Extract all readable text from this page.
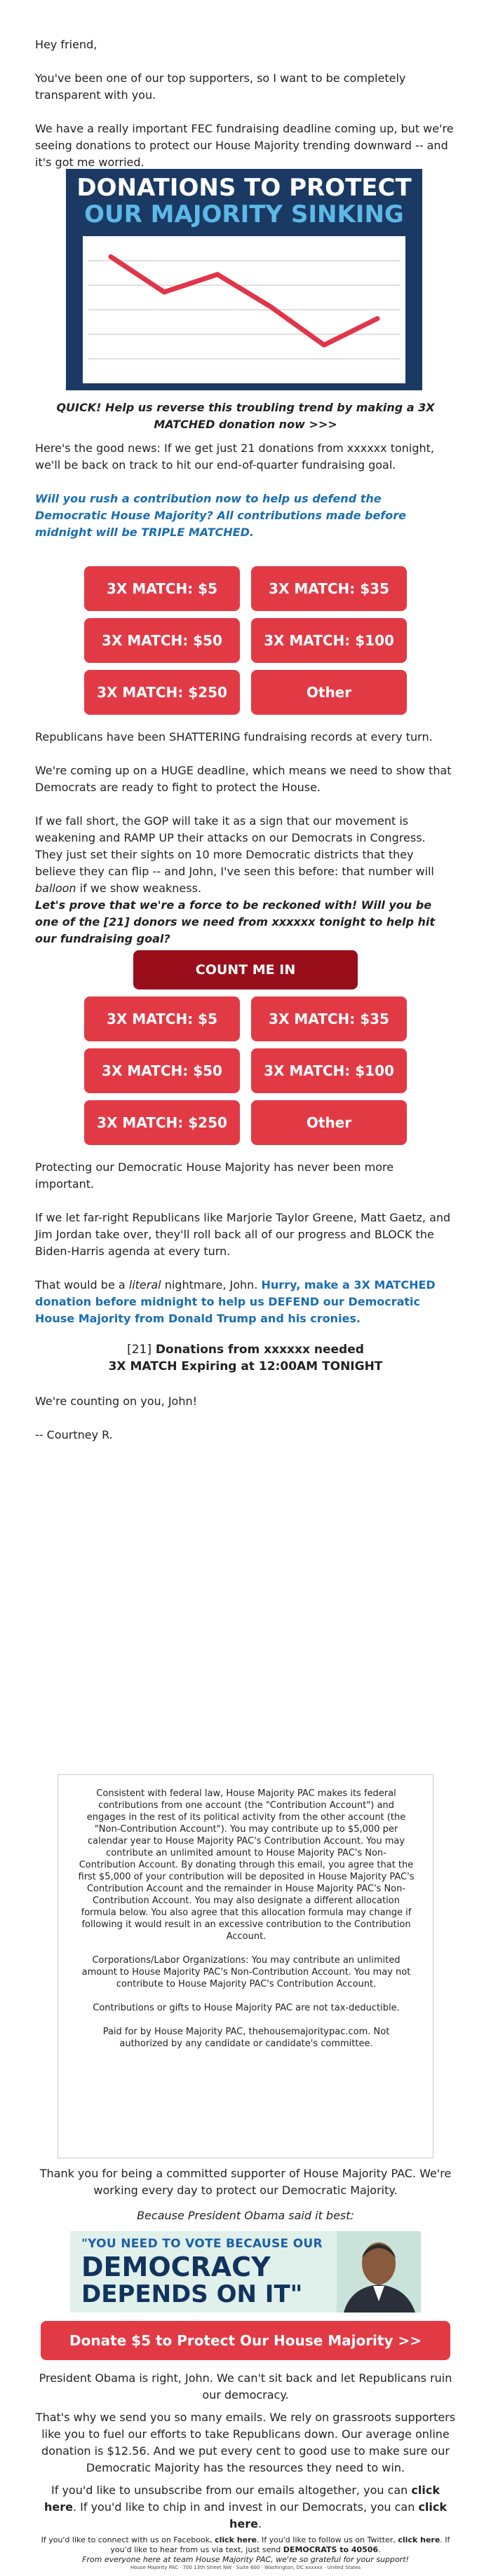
Hey friend,

You've been one of our top supporters, so I want to be completely transparent with you.

We have a really important FEC fundraising deadline coming up, but we're seeing donations to protect our House Majority trending downward -- and it's got me worried.

DONATIONS TO PROTECT
OUR MAJORITY SINKING

QUICK! Help us reverse this troubling trend by making a 3X MATCHED donation now >>>

Here's the good news: If we get just 21 donations from xxxxxx tonight, we'll be back on track to hit our end-of-quarter fundraising goal.

Will you rush a contribution now to help us defend the Democratic House Majority? All contributions made before midnight will be TRIPLE MATCHED.

3X MATCH: $5	3X MATCH: $35
3X MATCH: $50	3X MATCH: $100
3X MATCH: $250	Other

Republicans have been SHATTERING fundraising records at every turn.

We're coming up on a HUGE deadline, which means we need to show that Democrats are ready to fight to protect the House.

If we fall short, the GOP will take it as a sign that our movement is weakening and RAMP UP their attacks on our Democrats in Congress. They just set their sights on 10 more Democratic districts that they believe they can flip -- and John, I've seen this before: that number will balloon if we show weakness.

Let's prove that we're a force to be reckoned with! Will you be one of the [21] donors we need from xxxxxx tonight to help hit our fundraising goal?

COUNT ME IN
3X MATCH: $5	3X MATCH: $35
3X MATCH: $50	3X MATCH: $100
3X MATCH: $250	Other

Protecting our Democratic House Majority has never been more important.

If we let far-right Republicans like Marjorie Taylor Greene, Matt Gaetz, and Jim Jordan take over, they'll roll back all of our progress and BLOCK the Biden-Harris agenda at every turn.

That would be a literal nightmare, John. Hurry, make a 3X MATCHED donation before midnight to help us DEFEND our Democratic House Majority from Donald Trump and his cronies.

[21] Donations from xxxxxx needed

3X MATCH Expiring at 12:00AM TONIGHT

We're counting on you, John!

-- Courtney R.

Consistent with federal law, House Majority PAC makes its federal contributions from one account (the "Contribution Account") and engages in the rest of its political activity from the other account (the "Non-Contribution Account"). You may contribute up to $5,000 per calendar year to House Majority PAC's Contribution Account. You may contribute an unlimited amount to House Majority PAC's Non-Contribution Account. By donating through this email, you agree that the first $5,000 of your contribution will be deposited in House Majority PAC's Contribution Account and the remainder in House Majority PAC's Non-Contribution Account. You may also designate a different allocation formula below. You also agree that this allocation formula may change if following it would result in an excessive contribution to the Contribution Account.

Corporations/Labor Organizations: You may contribute an unlimited amount to House Majority PAC's Non-Contribution Account. You may not contribute to House Majority PAC's Contribution Account.

Contributions or gifts to House Majority PAC are not tax-deductible.

Paid for by House Majority PAC, thehousemajoritypac.com. Not authorized by any candidate or candidate's committee.

Thank you for being a committed supporter of House Majority PAC. We're working every day to protect our Democratic Majority.

Because President Obama said it best:

"YOU NEED TO VOTE BECAUSE OUR
DEMOCRACY
DEPENDS ON IT"
Donate $5 to Protect Our House Majority >>

President Obama is right, John. We can't sit back and let Republicans ruin our democracy.

That's why we send you so many emails. We rely on grassroots supporters like you to fuel our efforts to take Republicans down. Our average online donation is $12.56. And we put every cent to good use to make sure our Democratic Majority has the resources they need to win.

If you'd like to unsubscribe from our emails altogether, you can click here. If you'd like to chip in and invest in our Democrats, you can click here.

If you'd like to connect with us on Facebook, click here. If you'd like to follow us on Twitter, click here. If you'd like to hear from us via text, just send DEMOCRATS to 40506.

From everyone here at team House Majority PAC, we're so grateful for your support!

House Majority PAC · 700 13th Street NW · Suite 600 · Washington, DC xxxxxx · United States
